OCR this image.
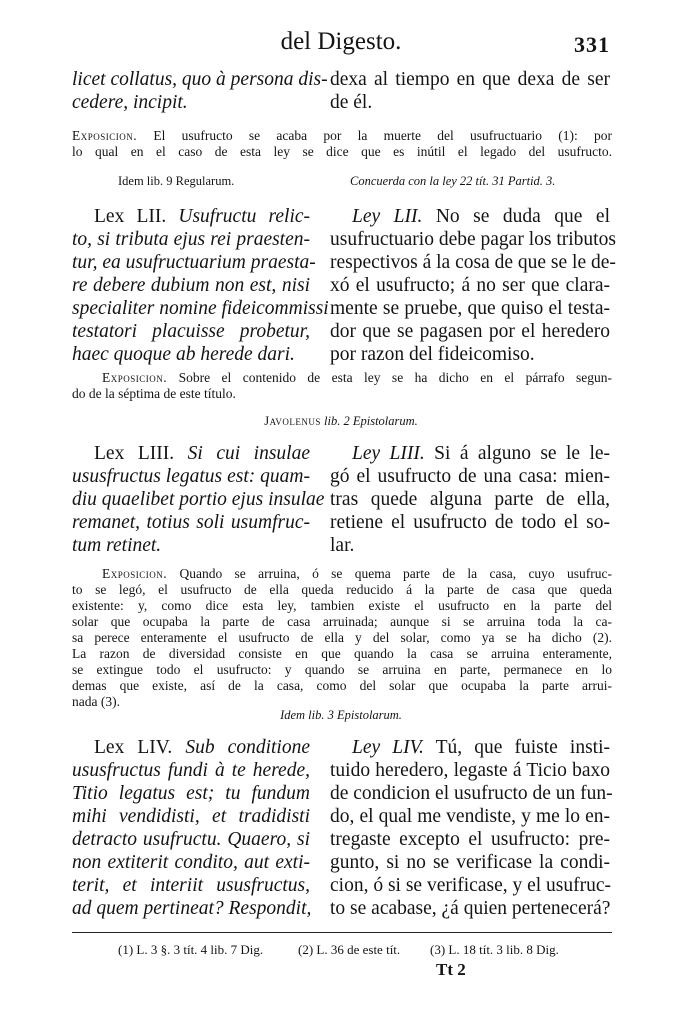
del Digesto.	331
licet collatus, quo à persona dis-
cedere, incipit.
dexa al tiempo en que dexa de ser
de él.
Exposicion. El usufructo se acaba por la muerte del usufructuario (1): por
lo qual en el caso de esta ley se dice que es inútil el legado del usufructo.
Idem lib. 9 Regularum.	Concuerda con la ley 22 tít. 31 Partid. 3.
Lex LII. Usufructu relic-
to, si tributa ejus rei praesten-
tur, ea usufructuarium praesta-
re debere dubium non est, nisi
specialiter nomine fideicommissi
testatori placuisse probetur,
haec quoque ab herede dari.
Ley LII. No se duda que el
usufructuario debe pagar los tributos
respectivos á la cosa de que se le de-
xó el usufructo; á no ser que clara-
mente se pruebe, que quiso el testa-
dor que se pagasen por el heredero
por razon del fideicomiso.
Exposicion. Sobre el contenido de esta ley se ha dicho en el párrafo segun-
do de la séptima de este título.
Javolenus lib. 2 Epistolarum.
Lex LIII. Si cui insulae
ususfructus legatus est: quam-
diu quaelibet portio ejus insulae
remanet, totius soli usumfruc-
tum retinet.
Ley LIII. Si á alguno se le le-
gó el usufructo de una casa: mien-
tras quede alguna parte de ella,
retiene el usufructo de todo el so-
lar.
Exposicion. Quando se arruina, ó se quema parte de la casa, cuyo usufruc-
to se legó, el usufructo de ella queda reducido á la parte de casa que queda
existente: y, como dice esta ley, tambien existe el usufructo en la parte del
solar que ocupaba la parte de casa arruinada; aunque si se arruina toda la ca-
sa perece enteramente el usufructo de ella y del solar, como ya se ha dicho (2).
La razon de diversidad consiste en que quando la casa se arruina enteramente,
se extingue todo el usufructo: y quando se arruina en parte, permanece en lo
demas que existe, así de la casa, como del solar que ocupaba la parte arrui-
nada (3).
Idem lib. 3 Epistolarum.
Lex LIV. Sub conditione
ususfructus fundi à te herede,
Titio legatus est; tu fundum
mihi vendidisti, et tradidisti
detracto usufructu. Quaero, si
non extiterit condito, aut exti-
terit, et interiit ususfructus,
ad quem pertineat? Respondit,
Ley LIV. Tú, que fuiste insti-
tuido heredero, legaste á Ticio baxo
de condicion el usufructo de un fun-
do, el qual me vendiste, y me lo en-
tregaste excepto el usufructo: pre-
gunto, si no se verificase la condi-
cion, ó si se verificase, y el usufruc-
to se acabase, ¿á quien pertenecerá?
(1) L. 3 §. 3 tít. 4 lib. 7 Dig.	(2) L. 36 de este tít. (3) L. 18 tít. 3 lib. 8 Dig.
Tt 2
